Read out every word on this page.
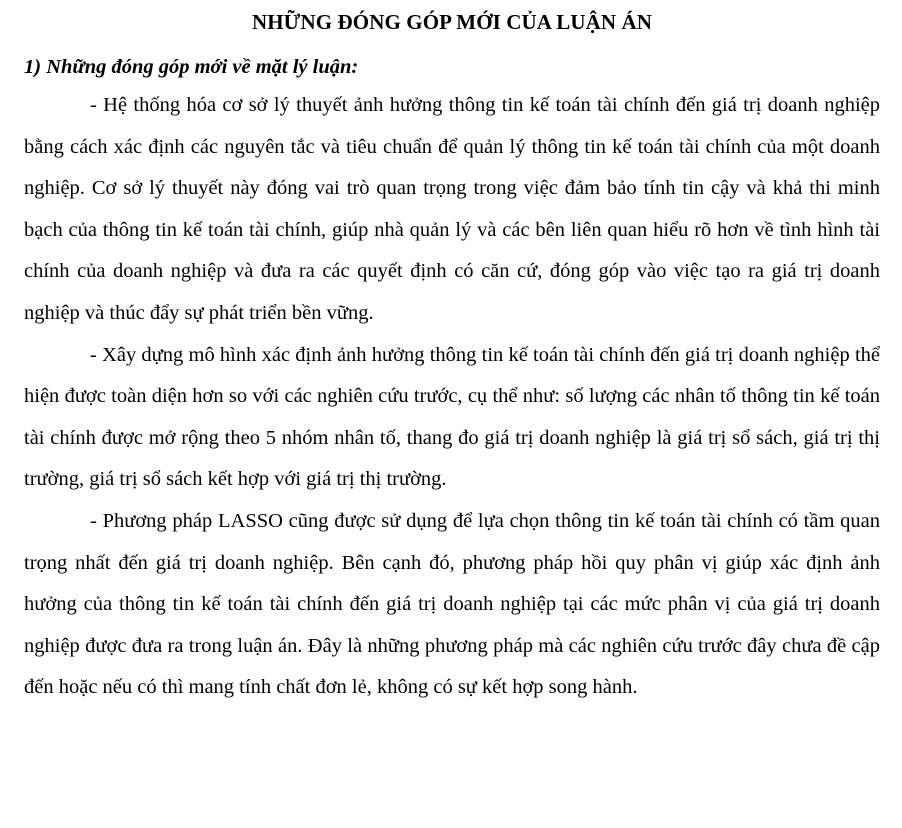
NHỮNG ĐÓNG GÓP MỚI CỦA LUẬN ÁN
1) Những đóng góp mới về mặt lý luận:

- Hệ thống hóa cơ sở lý thuyết ảnh hưởng thông tin kế toán tài chính đến giá trị doanh nghiệp bằng cách xác định các nguyên tắc và tiêu chuẩn để quản lý thông tin kế toán tài chính của một doanh nghiệp. Cơ sở lý thuyết này đóng vai trò quan trọng trong việc đảm bảo tính tin cậy và khả thi minh bạch của thông tin kế toán tài chính, giúp nhà quản lý và các bên liên quan hiểu rõ hơn về tình hình tài chính của doanh nghiệp và đưa ra các quyết định có căn cứ, đóng góp vào việc tạo ra giá trị doanh nghiệp và thúc đẩy sự phát triển bền vững.

- Xây dựng mô hình xác định ảnh hưởng thông tin kế toán tài chính đến giá trị doanh nghiệp thể hiện được toàn diện hơn so với các nghiên cứu trước, cụ thể như: số lượng các nhân tố thông tin kế toán tài chính được mở rộng theo 5 nhóm nhân tố, thang đo giá trị doanh nghiệp là giá trị sổ sách, giá trị thị trường, giá trị sổ sách kết hợp với giá trị thị trường.

- Phương pháp LASSO cũng được sử dụng để lựa chọn thông tin kế toán tài chính có tầm quan trọng nhất đến giá trị doanh nghiệp. Bên cạnh đó, phương pháp hồi quy phân vị giúp xác định ảnh hưởng của thông tin kế toán tài chính đến giá trị doanh nghiệp tại các mức phân vị của giá trị doanh nghiệp được đưa ra trong luận án. Đây là những phương pháp mà các nghiên cứu trước đây chưa đề cập đến hoặc nếu có thì mang tính chất đơn lẻ, không có sự kết hợp song hành.
